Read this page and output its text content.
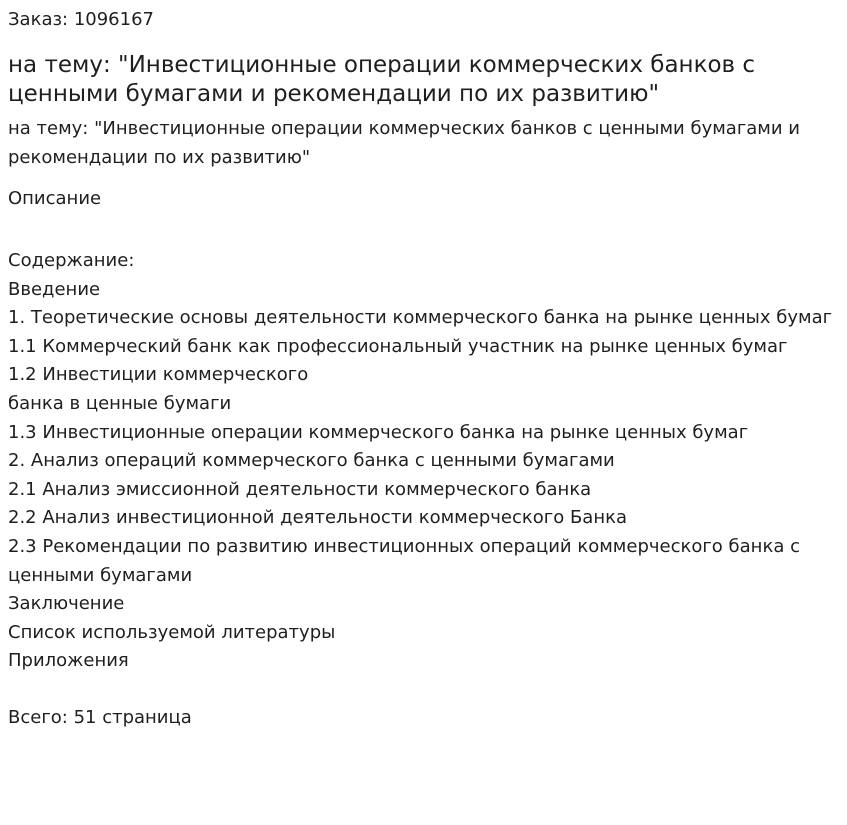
Заказ: 1096167
на тему: "Инвестиционные операции коммерческих банков с ценными бумагами и рекомендации по их развитию"
на тему: "Инвестиционные операции коммерческих банков с ценными бумагами и рекомендации по их развитию"
Описание
Содержание:
Введение
1. Теоретические основы деятельности коммерческого банка на рынке ценных бумаг
1.1 Коммерческий банк как профессиональный участник на рынке ценных бумаг
1.2 Инвестиции коммерческого
банка в ценные бумаги
1.3 Инвестиционные операции коммерческого банка на рынке ценных бумаг
2. Анализ операций коммерческого банка с ценными бумагами
2.1 Анализ эмиссионной деятельности коммерческого банка
2.2 Анализ инвестиционной деятельности коммерческого Банка
2.3 Рекомендации по развитию инвестиционных операций коммерческого банка с ценными бумагами
Заключение
Список используемой литературы
Приложения
Всего: 51 страница
